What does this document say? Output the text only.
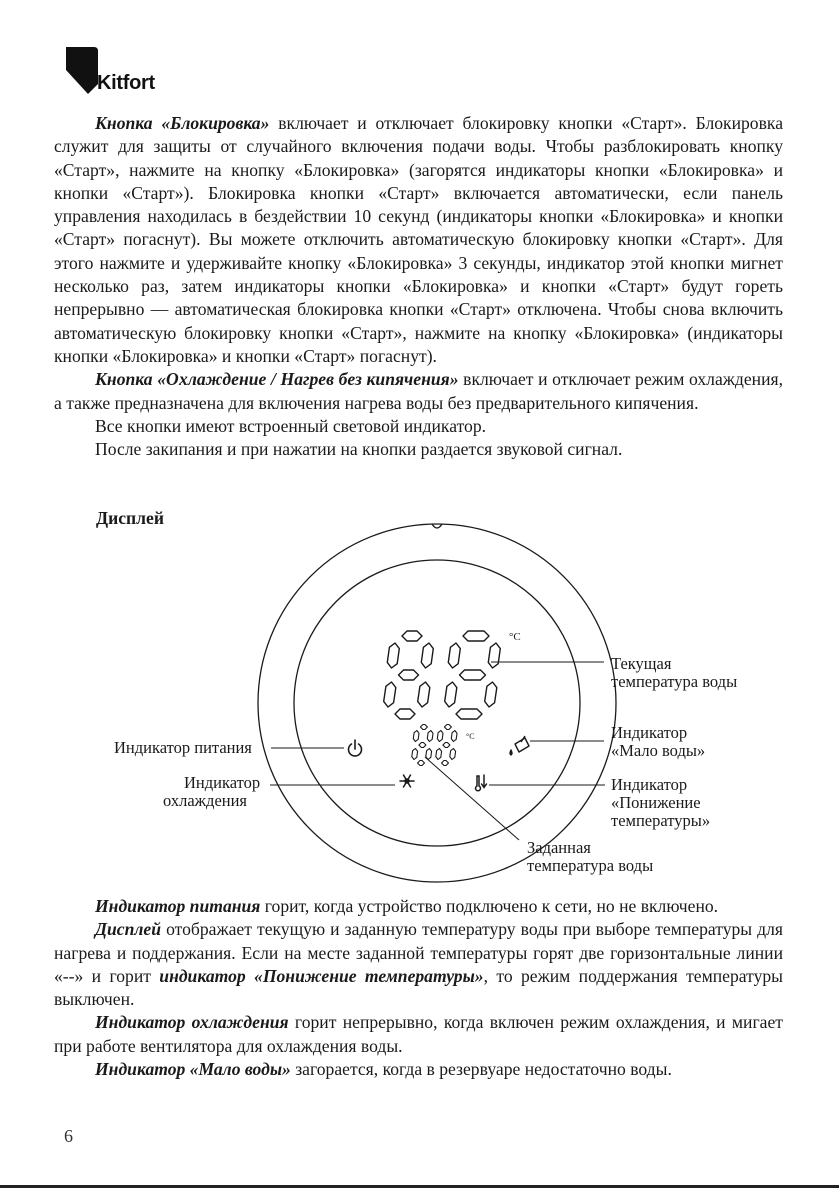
Kitfort

Кнопка «Блокировка» включает и отключает блокировку кнопки «Старт». Блокировка служит для защиты от случайного включения подачи воды. Чтобы разблокировать кнопку «Старт», нажмите на кнопку «Блокировка» (загорятся индикаторы кнопки «Блокировка» и кнопки «Старт»). Блокировка кнопки «Старт» включается автоматически, если панель управления находилась в бездействии 10 секунд (индикаторы кнопки «Блокировка» и кнопки «Старт» погаснут). Вы можете отключить автоматическую блокировку кнопки «Старт». Для этого нажмите и удерживайте кнопку «Блокировка» 3 секунды, индикатор этой кнопки мигнет несколько раз, затем индикаторы кнопки «Блокировка» и кнопки «Старт» будут гореть непрерывно — автоматическая блокировка кнопки «Старт» отключена. Чтобы снова включить автоматическую блокировку кнопки «Старт», нажмите на кнопку «Блокировка» (индикаторы кнопки «Блокировка» и кнопки «Старт» погаснут).

Кнопка «Охлаждение / Нагрев без кипячения» включает и отключает режим охлаждения, а также предназначена для включения нагрева воды без предварительного кипячения.

Все кнопки имеют встроенный световой индикатор.

После закипания и при нажатии на кнопки раздается звуковой сигнал.

Дисплей
°C
°C
Текущая
температура воды
Индикатор
«Мало воды»
Индикатор питания
Индикатор
охлаждения
Индикатор
«Понижение
температуры»
Заданная
температура воды

Индикатор питания горит, когда устройство подключено к сети, но не включено.

Дисплей отображает текущую и заданную температуру воды при выборе температуры для нагрева и поддержания. Если на месте заданной температуры горят две горизонтальные линии «--» и горит индикатор «Понижение температуры», то режим поддержания температуры выключен.

Индикатор охлаждения горит непрерывно, когда включен режим охлаждения, и мигает при работе вентилятора для охлаждения воды.

Индикатор «Мало воды» загорается, когда в резервуаре недостаточно воды.

6
